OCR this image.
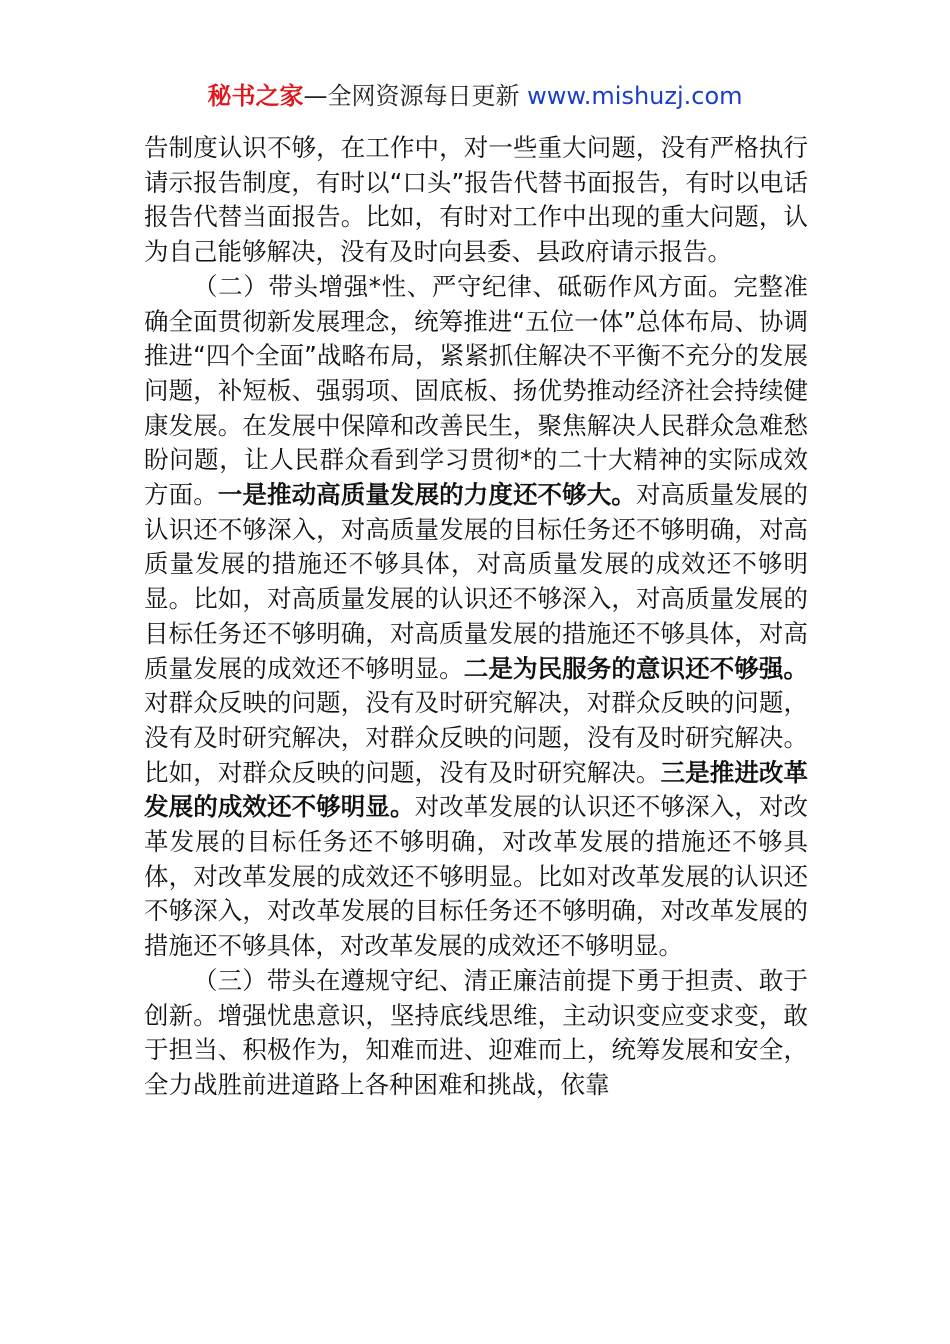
秘书之家—全网资源每日更新 www.mishuzj.com

告制度认识不够，在工作中，对一些重大问题，没有严格执行请示报告制度，有时以“口头”报告代替书面报告，有时以电话报告代替当面报告。比如，有时对工作中出现的重大问题，认为自己能够解决，没有及时向县委、县政府请示报告。

（二）带头增强*性、严守纪律、砥砺作风方面。完整准确全面贯彻新发展理念，统筹推进“五位一体”总体布局、协调推进“四个全面”战略布局，紧紧抓住解决不平衡不充分的发展问题，补短板、强弱项、固底板、扬优势推动经济社会持续健康发展。在发展中保障和改善民生，聚焦解决人民群众急难愁盼问题，让人民群众看到学习贯彻*的二十大精神的实际成效方面。一是推动高质量发展的力度还不够大。对高质量发展的认识还不够深入，对高质量发展的目标任务还不够明确，对高质量发展的措施还不够具体，对高质量发展的成效还不够明显。比如，对高质量发展的认识还不够深入，对高质量发展的目标任务还不够明确，对高质量发展的措施还不够具体，对高质量发展的成效还不够明显。二是为民服务的意识还不够强。对群众反映的问题，没有及时研究解决，对群众反映的问题，没有及时研究解决，对群众反映的问题，没有及时研究解决。比如，对群众反映的问题，没有及时研究解决。三是推进改革发展的成效还不够明显。对改革发展的认识还不够深入，对改革发展的目标任务还不够明确，对改革发展的措施还不够具体，对改革发展的成效还不够明显。比如对改革发展的认识还不够深入，对改革发展的目标任务还不够明确，对改革发展的措施还不够具体，对改革发展的成效还不够明显。

（三）带头在遵规守纪、清正廉洁前提下勇于担责、敢于创新。增强忧患意识，坚持底线思维，主动识变应变求变，敢于担当、积极作为，知难而进、迎难而上，统筹发展和安全，全力战胜前进道路上各种困难和挑战，依靠
